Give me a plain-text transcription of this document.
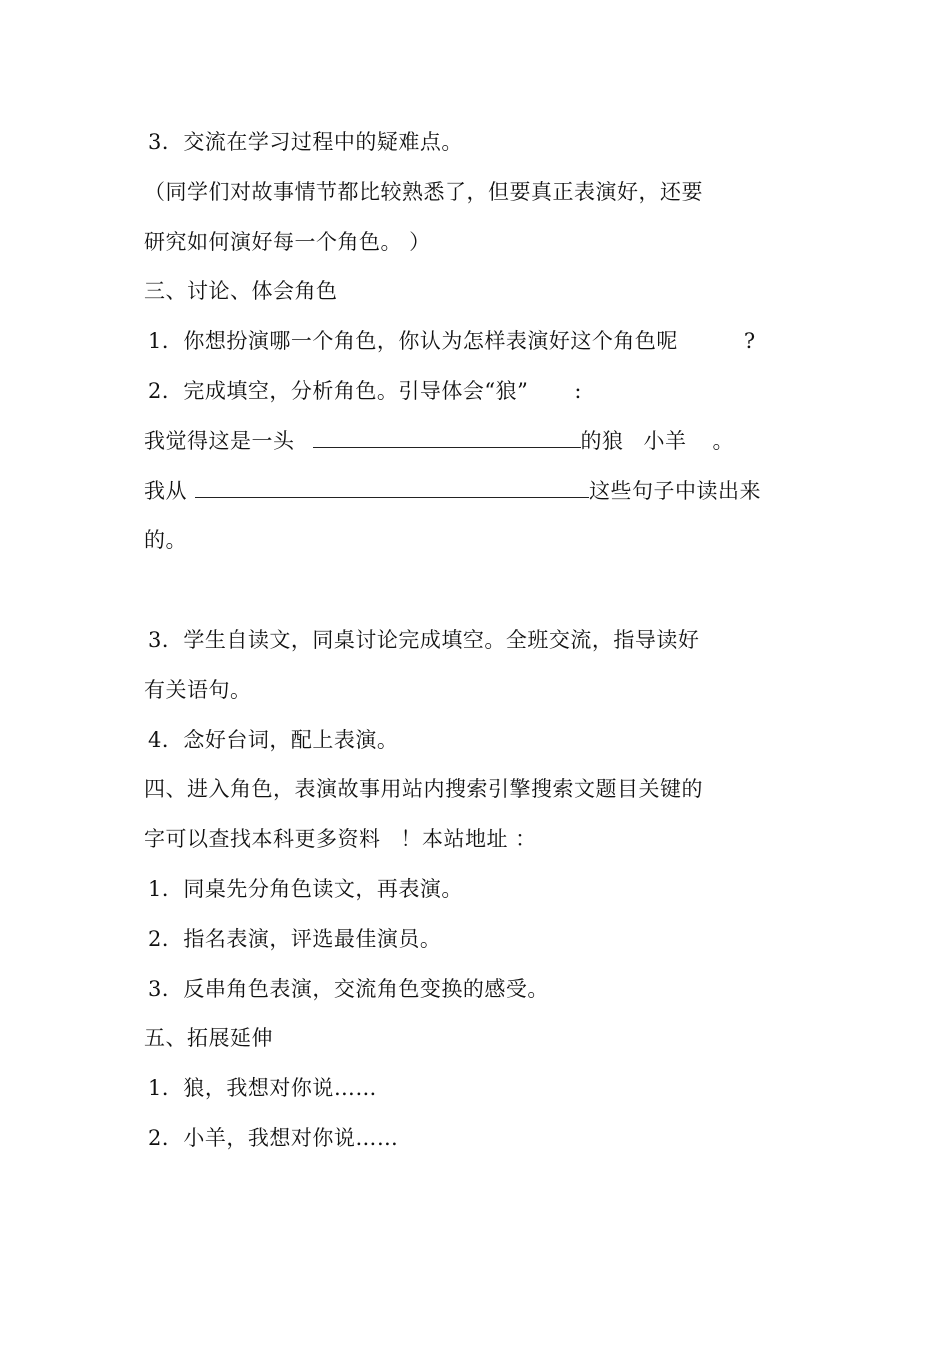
3．交流在学习过程中的疑难点。
（同学们对故事情节都比较熟悉了，但要真正表演好，还要
研究如何演好每一个角色。 ）
三、讨论、体会角色
1．你想扮演哪一个角色，你认为怎样表演好这个角色呢	?
2．完成填空，分析角色。引导体会“狼” :
我觉得这是一头	的狼 小羊 。
我从	这些句子中读出来
的。
3．学生自读文，同桌讨论完成填空。全班交流，指导读好
有关语句。
4．念好台词，配上表演。
四、进入角色，表演故事用站内搜索引擎搜索文题目关键的
字可以查找本科更多资料 ！本站地址 ：
1．同桌先分角色读文，再表演。
2．指名表演，评选最佳演员。
3．反串角色表演，交流角色变换的感受。
五、拓展延伸
1．狼，我想对你说……
2．小羊，我想对你说……
